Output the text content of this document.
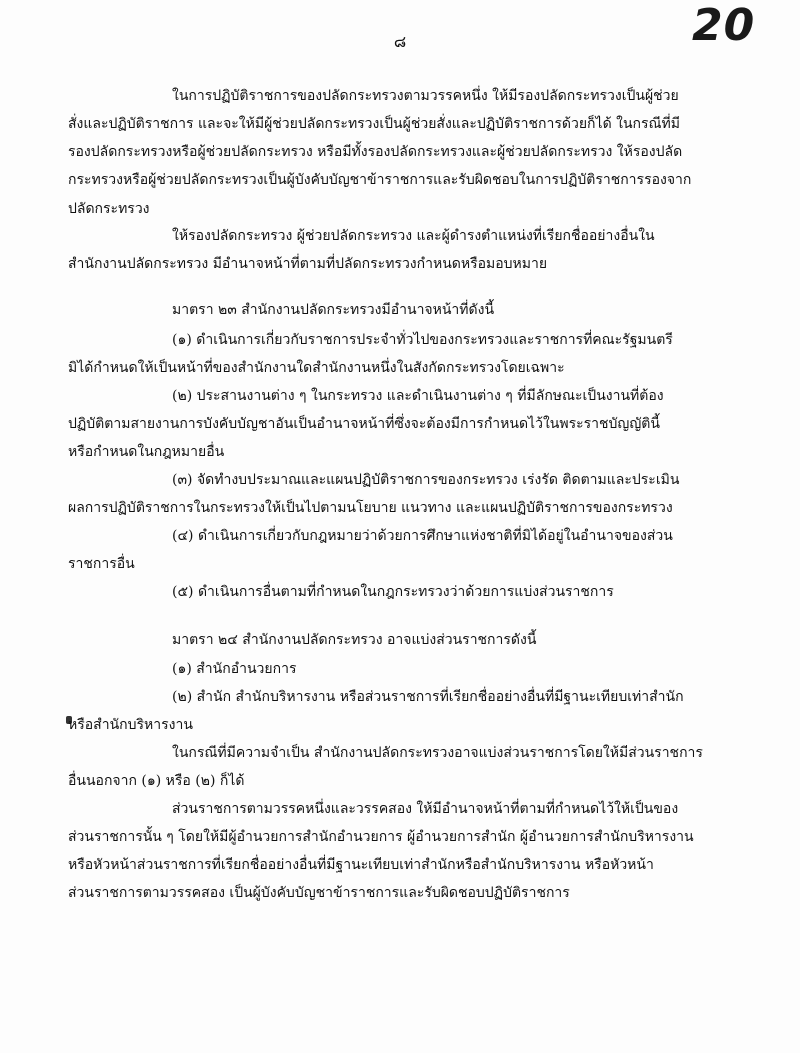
๘	20
ในการปฏิบัติราชการของปลัดกระทรวงตามวรรคหนึ่ง ให้มีรองปลัดกระทรวงเป็นผู้ช่วย
สั่งและปฏิบัติราชการ และจะให้มีผู้ช่วยปลัดกระทรวงเป็นผู้ช่วยสั่งและปฏิบัติราชการด้วยก็ได้ ในกรณีที่มี
รองปลัดกระทรวงหรือผู้ช่วยปลัดกระทรวง หรือมีทั้งรองปลัดกระทรวงและผู้ช่วยปลัดกระทรวง ให้รองปลัด
กระทรวงหรือผู้ช่วยปลัดกระทรวงเป็นผู้บังคับบัญชาข้าราชการและรับผิดชอบในการปฏิบัติราชการรองจาก
ปลัดกระทรวง
ให้รองปลัดกระทรวง ผู้ช่วยปลัดกระทรวง และผู้ดำรงตำแหน่งที่เรียกชื่ออย่างอื่นใน
สำนักงานปลัดกระทรวง มีอำนาจหน้าที่ตามที่ปลัดกระทรวงกำหนดหรือมอบหมาย
มาตรา ๒๓ สำนักงานปลัดกระทรวงมีอำนาจหน้าที่ดังนี้
(๑) ดำเนินการเกี่ยวกับราชการประจำทั่วไปของกระทรวงและราชการที่คณะรัฐมนตรี
มิได้กำหนดให้เป็นหน้าที่ของสำนักงานใดสำนักงานหนึ่งในสังกัดกระทรวงโดยเฉพาะ
(๒) ประสานงานต่าง ๆ ในกระทรวง และดำเนินงานต่าง ๆ ที่มีลักษณะเป็นงานที่ต้อง
ปฏิบัติตามสายงานการบังคับบัญชาอันเป็นอำนาจหน้าที่ซึ่งจะต้องมีการกำหนดไว้ในพระราชบัญญัตินี้
หรือกำหนดในกฎหมายอื่น
(๓) จัดทำงบประมาณและแผนปฏิบัติราชการของกระทรวง เร่งรัด ติดตามและประเมิน
ผลการปฏิบัติราชการในกระทรวงให้เป็นไปตามนโยบาย แนวทาง และแผนปฏิบัติราชการของกระทรวง
(๔) ดำเนินการเกี่ยวกับกฎหมายว่าด้วยการศึกษาแห่งชาติที่มิได้อยู่ในอำนาจของส่วน
ราชการอื่น
(๕) ดำเนินการอื่นตามที่กำหนดในกฎกระทรวงว่าด้วยการแบ่งส่วนราชการ
มาตรา ๒๔ สำนักงานปลัดกระทรวง อาจแบ่งส่วนราชการดังนี้
(๑) สำนักอำนวยการ
(๒) สำนัก สำนักบริหารงาน หรือส่วนราชการที่เรียกชื่ออย่างอื่นที่มีฐานะเทียบเท่าสำนัก
หรือสำนักบริหารงาน
ในกรณีที่มีความจำเป็น สำนักงานปลัดกระทรวงอาจแบ่งส่วนราชการโดยให้มีส่วนราชการ
อื่นนอกจาก (๑) หรือ (๒) ก็ได้
ส่วนราชการตามวรรคหนึ่งและวรรคสอง ให้มีอำนาจหน้าที่ตามที่กำหนดไว้ให้เป็นของ
ส่วนราชการนั้น ๆ โดยให้มีผู้อำนวยการสำนักอำนวยการ ผู้อำนวยการสำนัก ผู้อำนวยการสำนักบริหารงาน
หรือหัวหน้าส่วนราชการที่เรียกชื่ออย่างอื่นที่มีฐานะเทียบเท่าสำนักหรือสำนักบริหารงาน หรือหัวหน้า
ส่วนราชการตามวรรคสอง เป็นผู้บังคับบัญชาข้าราชการและรับผิดชอบปฏิบัติราชการ
